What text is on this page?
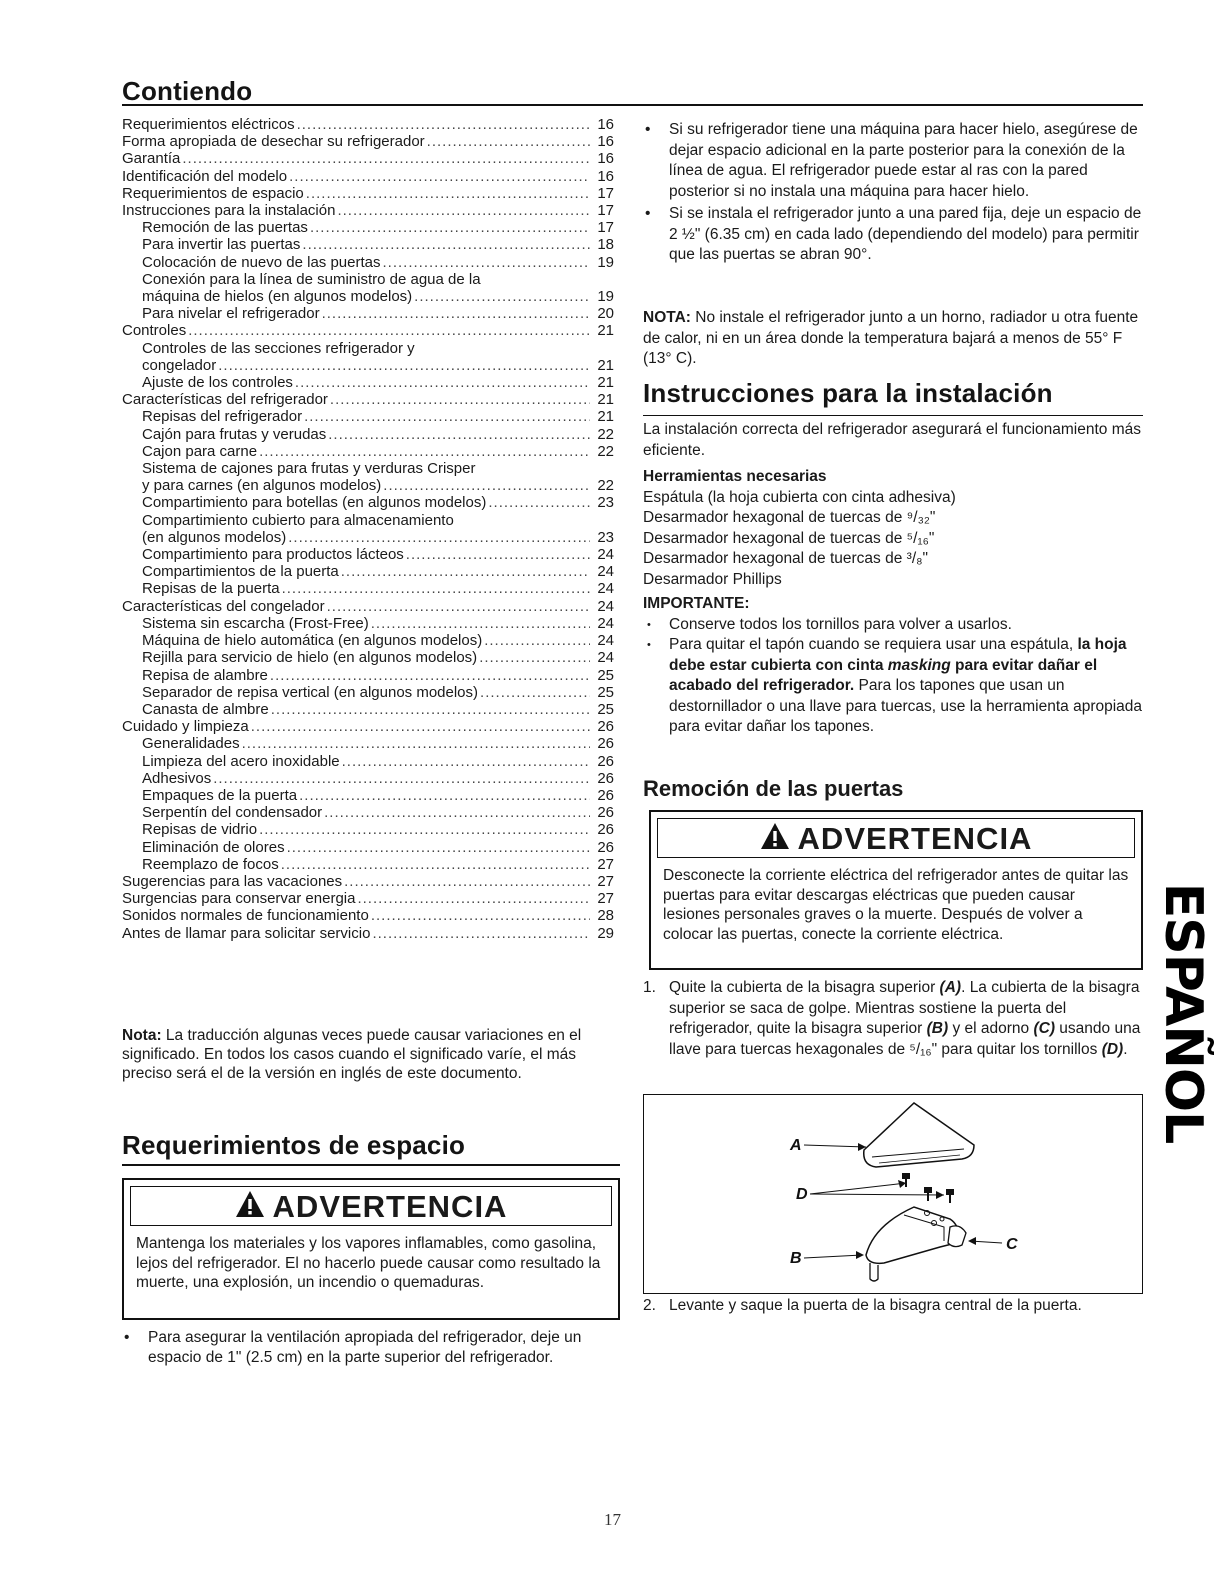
Contiendo
Requerimientos eléctricos .....	16
Forma apropiada de desechar su refrigerador .....	16
Garantía .....	16
Identificación del modelo .....	16
Requerimientos de espacio .....	17
Instrucciones para la instalación .....	17
Remoción de las puertas .....	17
Para invertir las puertas .....	18
Colocación de nuevo de las puertas .....	19
Conexión para la línea de suministro de agua de la
máquina de hielos (en algunos modelos) .....	19
Para nivelar el refrigerador .....	20
Controles .....	21
Controles de las secciones refrigerador y
congelador .....	21
Ajuste de los controles .....	21
Características del refrigerador .....	21
Repisas del refrigerador .....	21
Cajón para frutas y verudas .....	22
Cajon para carne .....	22
Sistema de cajones para frutas y verduras Crisper
y para carnes (en algunos modelos) .....	22
Compartimiento para botellas (en algunos modelos) .....	23
Compartimiento cubierto para almacenamiento
(en algunos modelos) .....	23
Compartimiento para productos lácteos .....	24
Compartimientos de la puerta .....	24
Repisas de la puerta .....	24
Características del congelador .....	24
Sistema sin escarcha (Frost-Free) .....	24
Máquina de hielo automática (en algunos modelos) .....	24
Rejilla para servicio de hielo (en algunos modelos) .....	24
Repisa de alambre .....	25
Separador de repisa vertical (en algunos modelos) .....	25
Canasta de almbre .....	25
Cuidado y limpieza .....	26
Generalidades .....	26
Limpieza del acero inoxidable .....	26
Adhesivos .....	26
Empaques de la puerta .....	26
Serpentín del condensador .....	26
Repisas de vidrio .....	26
Eliminación de olores .....	26
Reemplazo de focos .....	27
Sugerencias para las vacaciones .....	27
Surgencias para conservar energia .....	27
Sonidos normales de funcionamiento .....	28
Antes de llamar para solicitar servicio .....	29
Nota: La traducción algunas veces puede causar variaciones en el significado. En todos los casos cuando el significado varíe, el más preciso será el de la versión en inglés de este documento.
Requerimientos de espacio
ADVERTENCIA
Mantenga los materiales y los vapores inflamables, como gasolina, lejos del refrigerador. El no hacerlo puede causar como resultado la muerte, una explosión, un incendio o quemaduras.
• Para asegurar la ventilación apropiada del refrigerador, deje un espacio de 1" (2.5 cm) en la parte superior del refrigerador.
• Si su refrigerador tiene una máquina para hacer hielo, asegúrese de dejar espacio adicional en la parte posterior para la conexión de la línea de agua. El refrigerador puede estar al ras con la pared posterior si no instala una máquina para hacer hielo.
• Si se instala el refrigerador junto a una pared fija, deje un espacio de 2 ½" (6.35 cm) en cada lado (dependiendo del modelo) para permitir que las puertas se abran 90°.
NOTA: No instale el refrigerador junto a un horno, radiador u otra fuente de calor, ni en un área donde la temperatura bajará a menos de 55° F (13° C).
Instrucciones para la instalación

La instalación correcta del refrigerador asegurará el funcionamiento más eficiente.

Herramientas necesarias

Espátula (la hoja cubierta con cinta adhesiva)
Desarmador hexagonal de tuercas de ⁹/₃₂"
Desarmador hexagonal de tuercas de ⁵/₁₆"
Desarmador hexagonal de tuercas de ³/₈"
Desarmador Phillips

IMPORTANTE:

• Conserve todos los tornillos para volver a usarlos.
• Para quitar el tapón cuando se requiera usar una espátula, la hoja debe estar cubierta con cinta masking para evitar dañar el acabado del refrigerador. Para los tapones que usan un destornillador o una llave para tuercas, use la herramienta apropiada para evitar dañar los tapones.
Remoción de las puertas
ADVERTENCIA
Desconecte la corriente eléctrica del refrigerador antes de quitar las puertas para evitar descargas eléctricas que pueden causar lesiones personales graves o la muerte. Después de volver a colocar las puertas, conecte la corriente eléctrica.
1. Quite la cubierta de la bisagra superior (A). La cubierta de la bisagra superior se saca de golpe. Mientras sostiene la puerta del refrigerador, quite la bisagra superior (B) y el adorno (C) usando una llave para tuercas hexagonales de ⁵/₁₆" para quitar los tornillos (D).
A
D
B
C
2. Levante y saque la puerta de la bisagra central de la puerta.
ESPAÑOL
17
